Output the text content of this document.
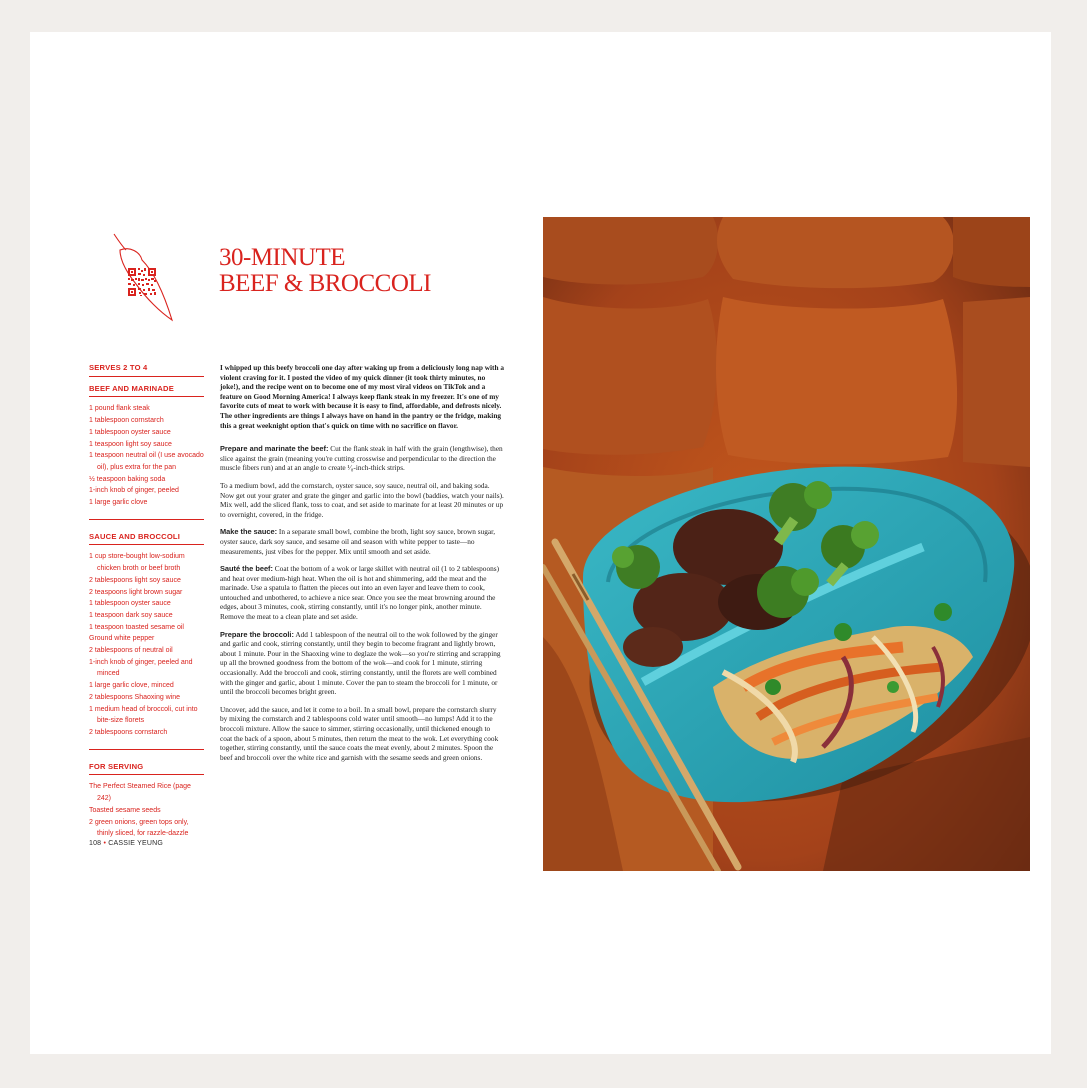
30-MINUTE
BEEF & BROCCOLI
SERVES 2 TO 4
BEEF AND MARINADE
1 pound flank steak
1 tablespoon cornstarch
1 tablespoon oyster sauce
1 teaspoon light soy sauce
1 teaspoon neutral oil (I use avocado oil), plus extra for the pan
½ teaspoon baking soda
1-inch knob of ginger, peeled
1 large garlic clove
SAUCE AND BROCCOLI
1 cup store-bought low-sodium chicken broth or beef broth
2 tablespoons light soy sauce
2 teaspoons light brown sugar
1 tablespoon oyster sauce
1 teaspoon dark soy sauce
1 teaspoon toasted sesame oil
Ground white pepper
2 tablespoons of neutral oil
1-inch knob of ginger, peeled and minced
1 large garlic clove, minced
2 tablespoons Shaoxing wine
1 medium head of broccoli, cut into bite-size florets
2 tablespoons cornstarch
FOR SERVING
The Perfect Steamed Rice (page 242)
Toasted sesame seeds
2 green onions, green tops only, thinly sliced, for razzle-dazzle
108 • CASSIE YEUNG

I whipped up this beefy broccoli one day after waking up from a deliciously long nap with a violent craving for it. I posted the video of my quick dinner (it took thirty minutes, no joke!), and the recipe went on to become one of my most viral videos on TikTok and a feature on Good Morning America! I always keep flank steak in my freezer. It's one of my favorite cuts of meat to work with because it is easy to find, affordable, and defrosts nicely. The other ingredients are things I always have on hand in the pantry or the fridge, making this a great weeknight option that's quick on time with no sacrifice on flavor.

Prepare and marinate the beef: Cut the flank steak in half with the grain (lengthwise), then slice against the grain (meaning you're cutting crosswise and perpendicular to the direction the muscle fibers run) and at an angle to create ¹⁄₈-inch-thick strips.

To a medium bowl, add the cornstarch, oyster sauce, soy sauce, neutral oil, and baking soda. Now get out your grater and grate the ginger and garlic into the bowl (baddies, watch your nails). Mix well, add the sliced flank, toss to coat, and set aside to marinate for at least 20 minutes or up to overnight, covered, in the fridge.

Make the sauce: In a separate small bowl, combine the broth, light soy sauce, brown sugar, oyster sauce, dark soy sauce, and sesame oil and season with white pepper to taste—no measurements, just vibes for the pepper. Mix until smooth and set aside.

Sauté the beef: Coat the bottom of a wok or large skillet with neutral oil (1 to 2 tablespoons) and heat over medium-high heat. When the oil is hot and shimmering, add the meat and the marinade. Use a spatula to flatten the pieces out into an even layer and leave them to cook, untouched and unbothered, to achieve a nice sear. Once you see the meat browning around the edges, about 3 minutes, cook, stirring constantly, until it's no longer pink, another minute. Remove the meat to a clean plate and set aside.

Prepare the broccoli: Add 1 tablespoon of the neutral oil to the wok followed by the ginger and garlic and cook, stirring constantly, until they begin to become fragrant and lightly brown, about 1 minute. Pour in the Shaoxing wine to deglaze the wok—so you're stirring and scrapping up all the browned goodness from the bottom of the wok—and cook for 1 minute, stirring occasionally. Add the broccoli and cook, stirring constantly, until the florets are well combined with the ginger and garlic, about 1 minute. Cover the pan to steam the broccoli for 1 minute, or until the broccoli becomes bright green.

Uncover, add the sauce, and let it come to a boil. In a small bowl, prepare the cornstarch slurry by mixing the cornstarch and 2 tablespoons cold water until smooth—no lumps! Add it to the broccoli mixture. Allow the sauce to simmer, stirring occasionally, until thickened enough to coat the back of a spoon, about 5 minutes, then return the meat to the wok. Let everything cook together, stirring constantly, until the sauce coats the meat evenly, about 2 minutes. Spoon the beef and broccoli over the white rice and garnish with the sesame seeds and green onions.
